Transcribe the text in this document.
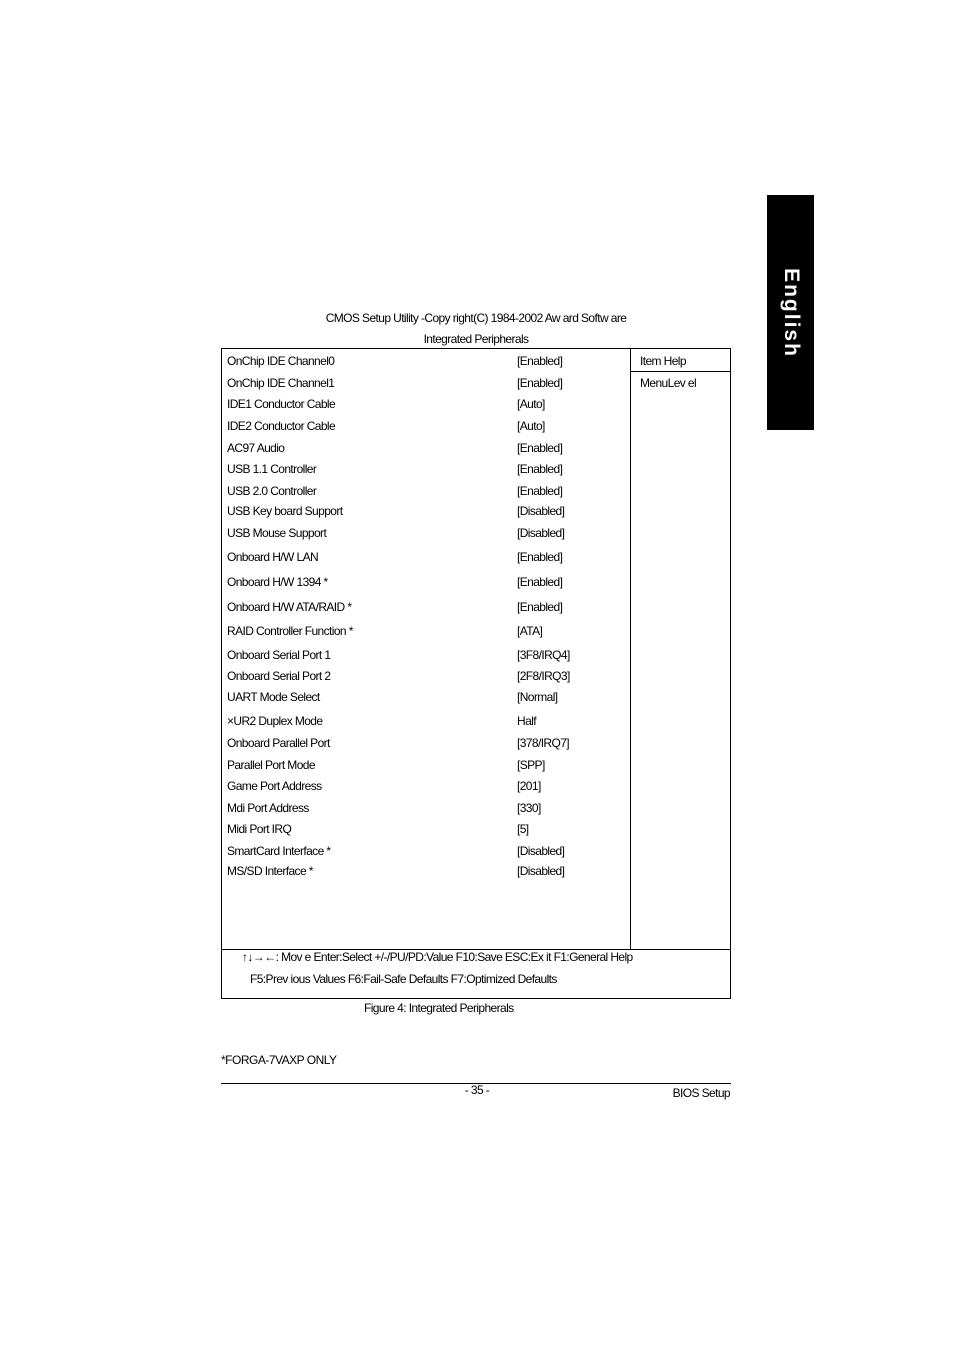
English
CMOS Setup Utility -Copy right(C) 1984-2002 Aw ard Softw are
Integrated Peripherals
OnChip IDE Channel0	[Enabled]
OnChip IDE Channel1	[Enabled]
IDE1 Conductor Cable	[Auto]
IDE2 Conductor Cable	[Auto]
AC97 Audio	[Enabled]
USB 1.1 Controller	[Enabled]
USB 2.0 Controller	[Enabled]
USB Key board Support	[Disabled]
USB Mouse Support	[Disabled]
Onboard H/W LAN	[Enabled]
Onboard H/W 1394 *	[Enabled]
Onboard H/W ATA/RAID *	[Enabled]
RAID Controller Function *	[ATA]
Onboard Serial Port 1	[3F8/IRQ4]
Onboard Serial Port 2	[2F8/IRQ3]
UART Mode Select	[Normal]
×UR2 Duplex Mode	Half
Onboard Parallel Port	[378/IRQ7]
Parallel Port Mode	[SPP]
Game Port Address	[201]
Mdi Port Address	[330]
Midi Port IRQ	[5]
SmartCard Interface *	[Disabled]
MS/SD Interface *	[Disabled]
Item Help
MenuLev el
↑↓→←: Mov e Enter:Select +/-/PU/PD:Value F10:Save ESC:Ex it F1:General Help
F5:Prev ious Values F6:Fail-Safe Defaults F7:Optimized Defaults
Figure 4: Integrated Peripherals
*FORGA-7VAXP ONLY
- 35 -	BIOS Setup
